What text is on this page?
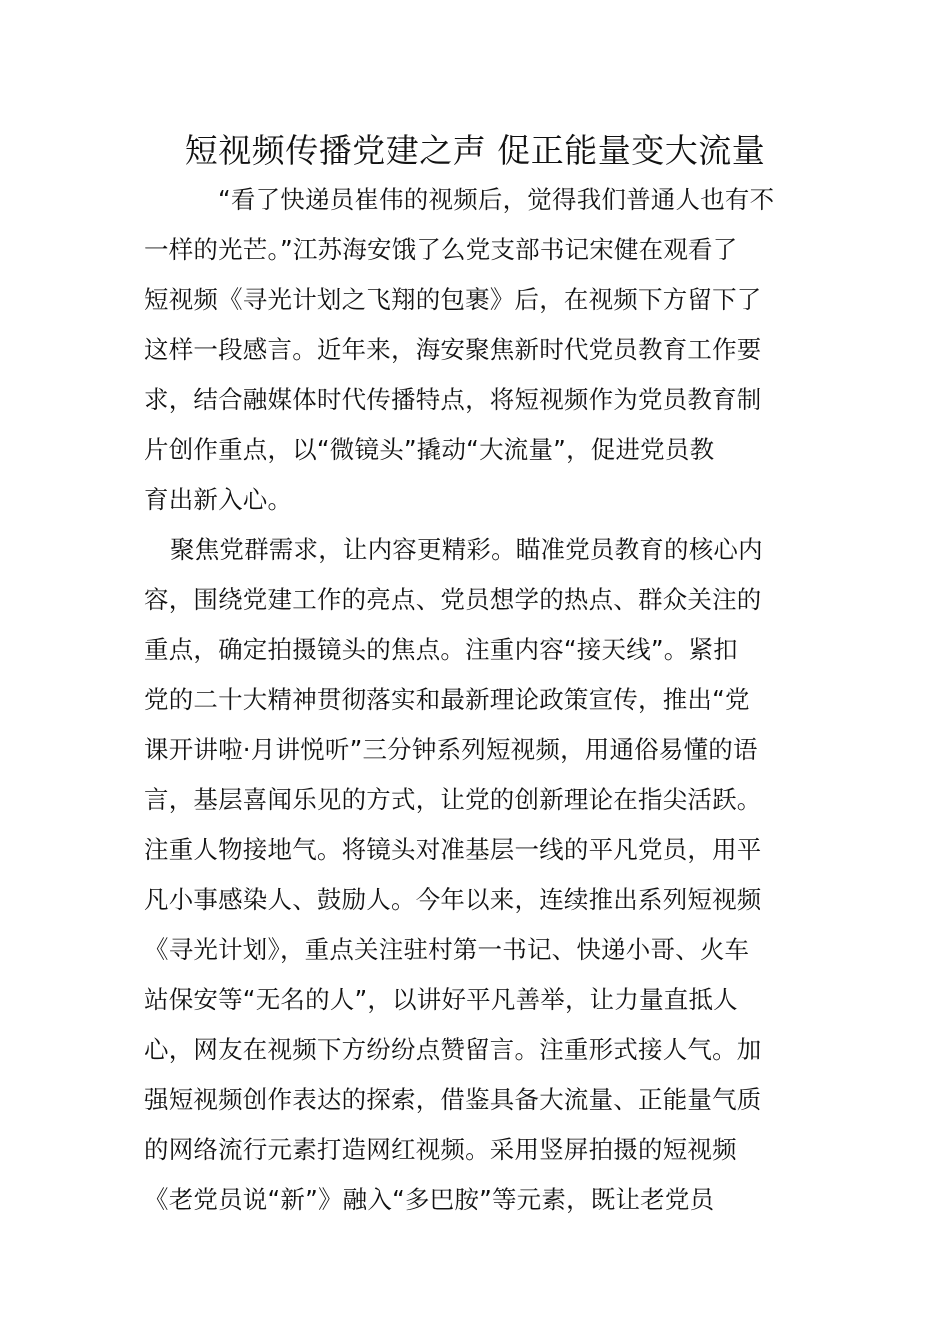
短视频传播党建之声 促正能量变大流量
“看了快递员崔伟的视频后，觉得我们普通人也有不
一样的光芒。”江苏海安饿了么党支部书记宋健在观看了
短视频《寻光计划之飞翔的包裹》后，在视频下方留下了
这样一段感言。近年来，海安聚焦新时代党员教育工作要
求，结合融媒体时代传播特点，将短视频作为党员教育制
片创作重点，以“微镜头”撬动“大流量”，促进党员教
育出新入心。
聚焦党群需求，让内容更精彩。瞄准党员教育的核心内
容，围绕党建工作的亮点、党员想学的热点、群众关注的
重点，确定拍摄镜头的焦点。注重内容“接天线”。紧扣
党的二十大精神贯彻落实和最新理论政策宣传，推出“党
课开讲啦·月讲悦听”三分钟系列短视频，用通俗易懂的语
言，基层喜闻乐见的方式，让党的创新理论在指尖活跃。
注重人物接地气。将镜头对准基层一线的平凡党员，用平
凡小事感染人、鼓励人。今年以来，连续推出系列短视频
《寻光计划》，重点关注驻村第一书记、快递小哥、火车
站保安等“无名的人”，以讲好平凡善举，让力量直抵人
心，网友在视频下方纷纷点赞留言。注重形式接人气。加
强短视频创作表达的探索，借鉴具备大流量、正能量气质
的网络流行元素打造网红视频。采用竖屏拍摄的短视频
《老党员说“新”》融入“多巴胺”等元素，既让老党员
